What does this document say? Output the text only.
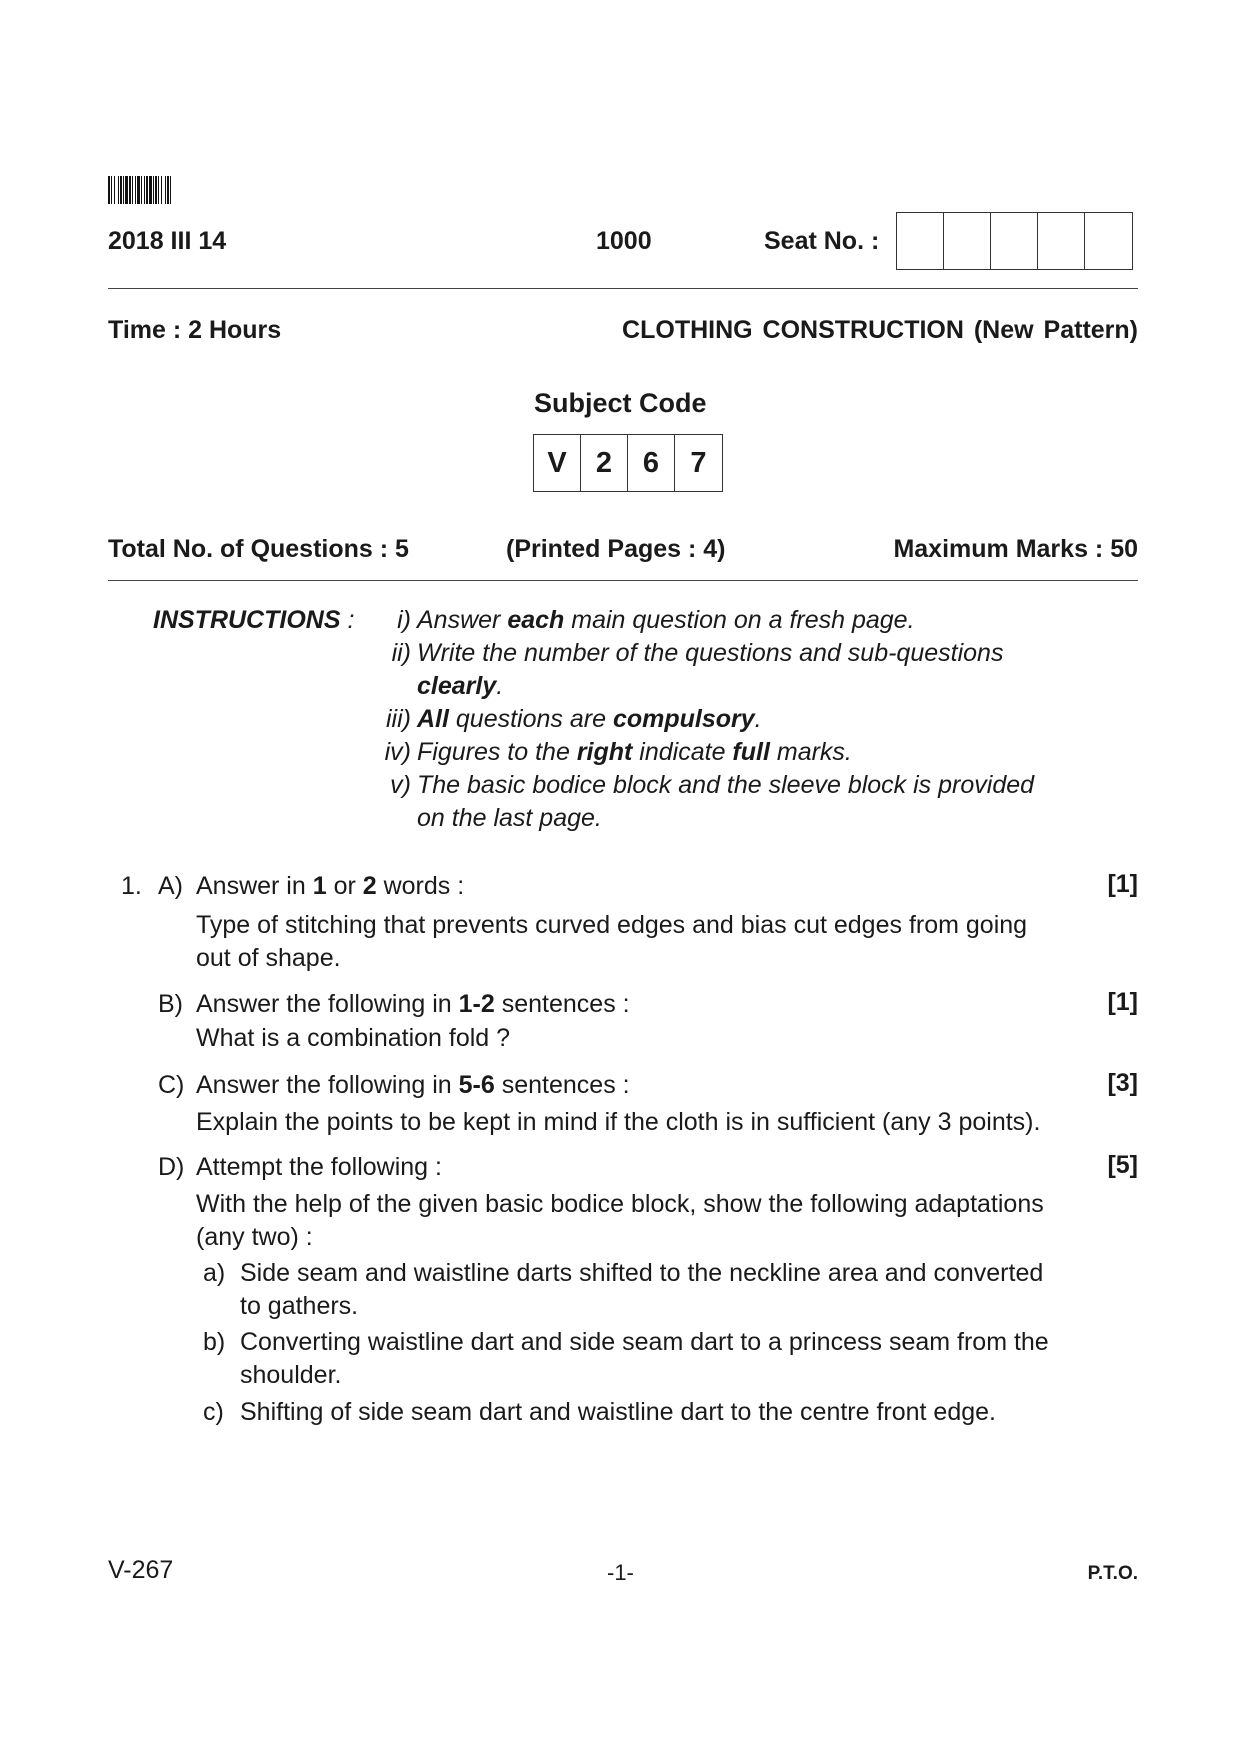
2018 III 14	1000	Seat No. :
Time : 2 Hours	CLOTHING CONSTRUCTION (New Pattern)
Subject Code
V	2	6	7
Total No. of Questions : 5	(Printed Pages : 4)	Maximum Marks : 50
INSTRUCTIONS :	i) Answer each main question on a fresh page.
ii) Write the number of the questions and sub-questions
clearly.
iii) All questions are compulsory.
iv) Figures to the right indicate full marks.
v) The basic bodice block and the sleeve block is provided
on the last page.
1. A) Answer in 1 or 2 words :	[1]
Type of stitching that prevents curved edges and bias cut edges from going
out of shape.
B) Answer the following in 1-2 sentences :	[1]
What is a combination fold ?
C) Answer the following in 5-6 sentences :	[3]
Explain the points to be kept in mind if the cloth is in sufficient (any 3 points).
D) Attempt the following :	[5]
With the help of the given basic bodice block, show the following adaptations
(any two) :
a) Side seam and waistline darts shifted to the neckline area and converted
to gathers.
b) Converting waistline dart and side seam dart to a princess seam from the
shoulder.
c) Shifting of side seam dart and waistline dart to the centre front edge.
V-267	-1-	P.T.O.
